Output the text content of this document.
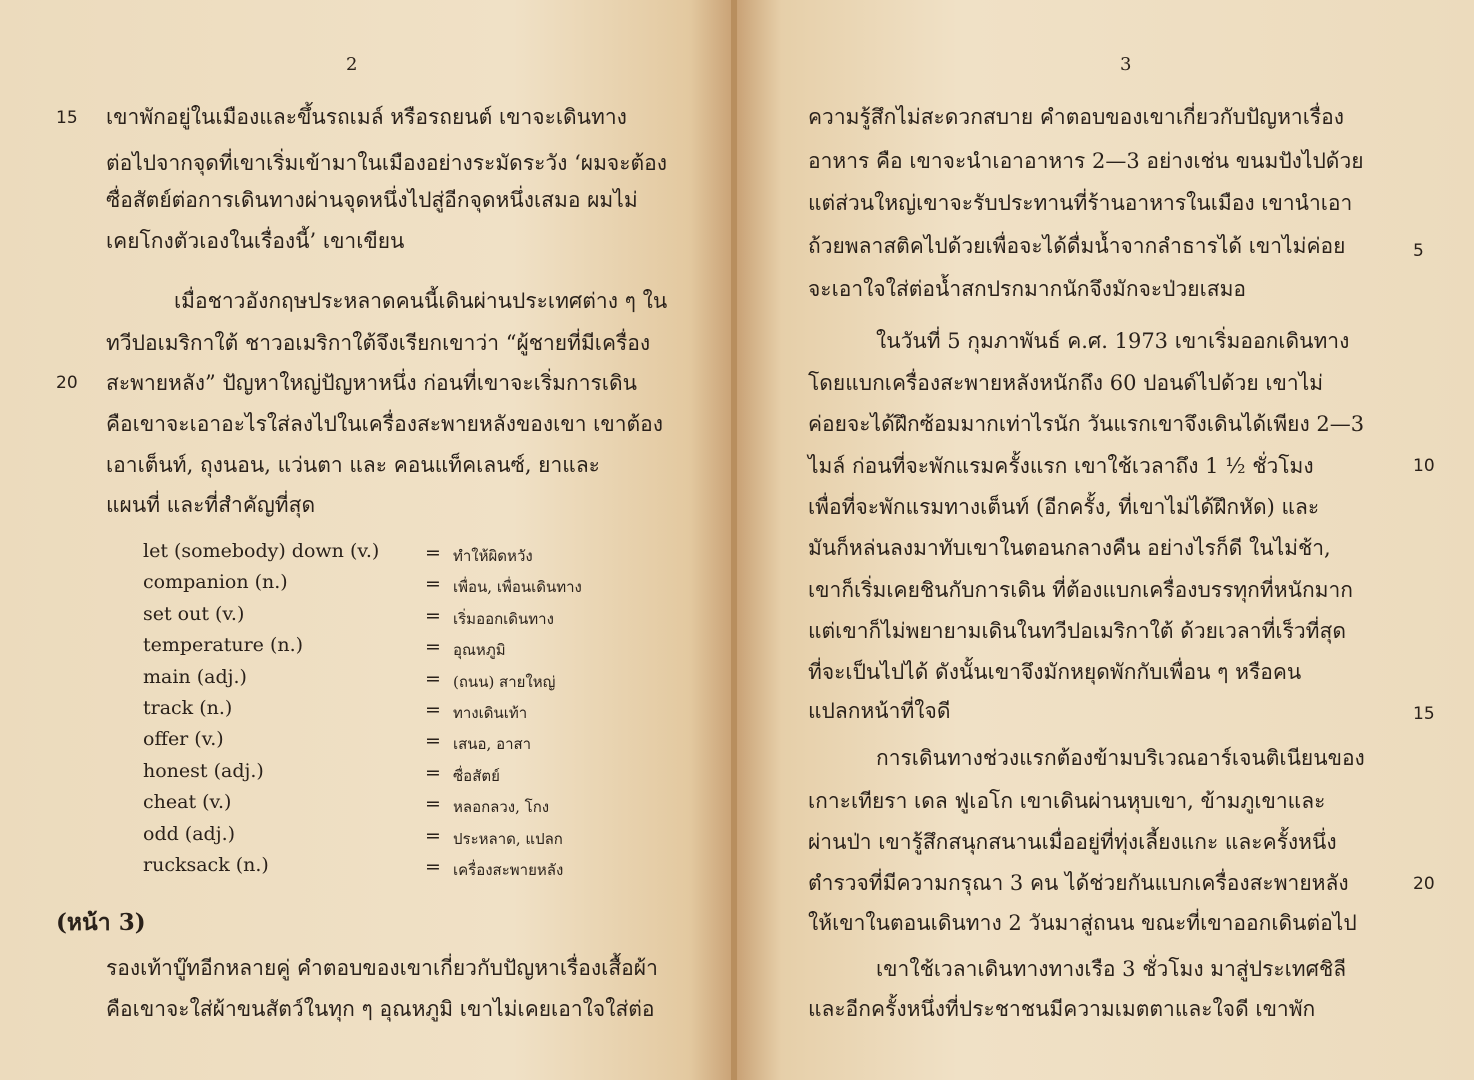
2
15
20
เขาพักอยู่ในเมืองและขึ้นรถเมล์ หรือรถยนต์ เขาจะเดินทาง
ต่อไปจากจุดที่เขาเริ่มเข้ามาในเมืองอย่างระมัดระวัง ‘ผมจะต้อง
ซื่อสัตย์ต่อการเดินทางผ่านจุดหนึ่งไปสู่อีกจุดหนึ่งเสมอ ผมไม่
เคยโกงตัวเองในเรื่องนี้’ เขาเขียน
เมื่อชาวอังกฤษประหลาดคนนี้เดินผ่านประเทศต่าง ๆ ใน
ทวีปอเมริกาใต้ ชาวอเมริกาใต้จึงเรียกเขาว่า “ผู้ชายที่มีเครื่อง
สะพายหลัง” ปัญหาใหญ่ปัญหาหนึ่ง ก่อนที่เขาจะเริ่มการเดิน
คือเขาจะเอาอะไรใส่ลงไปในเครื่องสะพายหลังของเขา เขาต้อง
เอาเต็นท์, ถุงนอน, แว่นตา และ คอนแท็คเลนซ์, ยาและ
แผนที่ และที่สำคัญที่สุด
let (somebody) down (v.) = ทำให้ผิดหวัง
companion (n.)	= เพื่อน, เพื่อนเดินทาง
set out (v.)	= เริ่มออกเดินทาง
temperature (n.)	= อุณหภูมิ
main (adj.)	= (ถนน) สายใหญ่
track (n.)	= ทางเดินเท้า
offer (v.)	= เสนอ, อาสา
honest (adj.)	= ซื่อสัตย์
cheat (v.)	= หลอกลวง, โกง
odd (adj.)	= ประหลาด, แปลก
rucksack (n.)	= เครื่องสะพายหลัง
(หน้า 3)
รองเท้าบู๊ทอีกหลายคู่ คำตอบของเขาเกี่ยวกับปัญหาเรื่องเสื้อผ้า
คือเขาจะใส่ผ้าขนสัตว์ในทุก ๆ อุณหภูมิ เขาไม่เคยเอาใจใส่ต่อ
3
5
10
15
20
ความรู้สึกไม่สะดวกสบาย คำตอบของเขาเกี่ยวกับปัญหาเรื่อง
อาหาร คือ เขาจะนำเอาอาหาร 2—3 อย่างเช่น ขนมปังไปด้วย
แต่ส่วนใหญ่เขาจะรับประทานที่ร้านอาหารในเมือง เขานำเอา
ถ้วยพลาสติคไปด้วยเพื่อจะได้ดื่มน้ำจากลำธารได้ เขาไม่ค่อย
จะเอาใจใส่ต่อน้ำสกปรกมากนักจึงมักจะป่วยเสมอ
ในวันที่ 5 กุมภาพันธ์ ค.ศ. 1973 เขาเริ่มออกเดินทาง
โดยแบกเครื่องสะพายหลังหนักถึง 60 ปอนด์ไปด้วย เขาไม่
ค่อยจะได้ฝึกซ้อมมากเท่าไรนัก วันแรกเขาจึงเดินได้เพียง 2—3
ไมล์ ก่อนที่จะพักแรมครั้งแรก เขาใช้เวลาถึง 1 ½ ชั่วโมง
เพื่อที่จะพักแรมทางเต็นท์ (อีกครั้ง, ที่เขาไม่ได้ฝึกหัด) และ
มันก็หล่นลงมาทับเขาในตอนกลางคืน อย่างไรก็ดี ในไม่ช้า,
เขาก็เริ่มเคยชินกับการเดิน ที่ต้องแบกเครื่องบรรทุกที่หนักมาก
แต่เขาก็ไม่พยายามเดินในทวีปอเมริกาใต้ ด้วยเวลาที่เร็วที่สุด
ที่จะเป็นไปได้ ดังนั้นเขาจึงมักหยุดพักกับเพื่อน ๆ หรือคน
แปลกหน้าที่ใจดี
การเดินทางช่วงแรกต้องข้ามบริเวณอาร์เจนติเนียนของ
เกาะเทียรา เดล ฟูเอโก เขาเดินผ่านหุบเขา, ข้ามภูเขาและ
ผ่านป่า เขารู้สึกสนุกสนานเมื่ออยู่ที่ทุ่งเลี้ยงแกะ และครั้งหนึ่ง
ตำรวจที่มีความกรุณา 3 คน ได้ช่วยกันแบกเครื่องสะพายหลัง
ให้เขาในตอนเดินทาง 2 วันมาสู่ถนน ขณะที่เขาออกเดินต่อไป
เขาใช้เวลาเดินทางทางเรือ 3 ชั่วโมง มาสู่ประเทศชิลี
และอีกครั้งหนึ่งที่ประชาชนมีความเมตตาและใจดี เขาพัก
